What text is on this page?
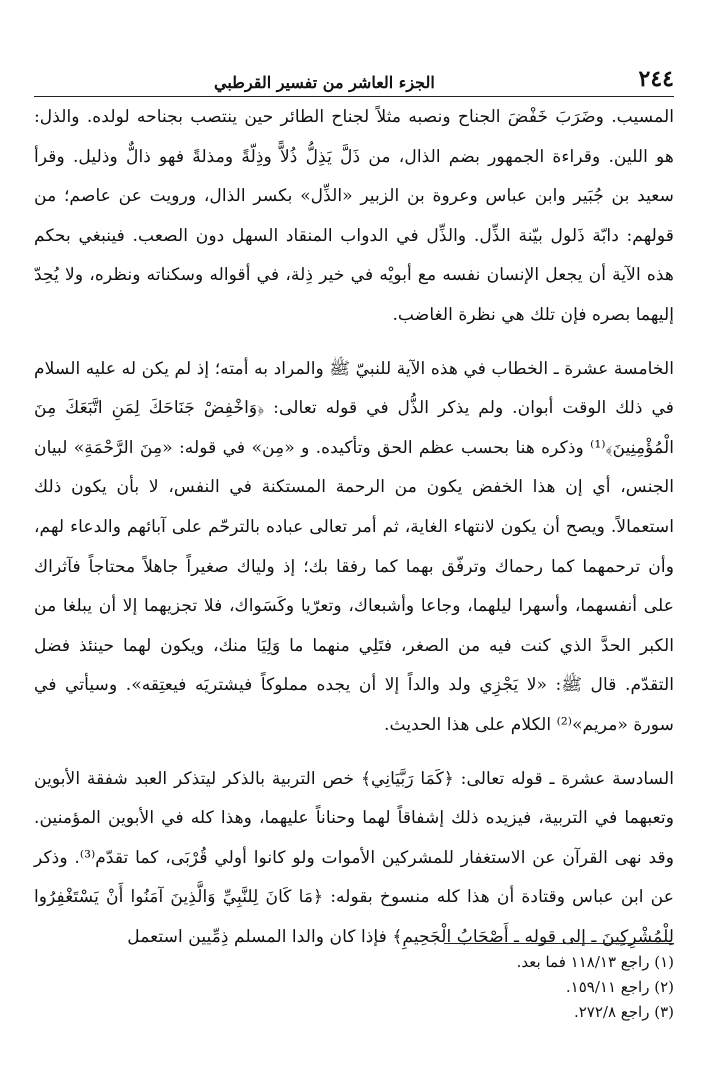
٢٤٤
الجزء العاشر من تفسير القرطبي

المسيب. وضَرَبَ خَفْضَ الجناح ونصبه مثلاً لجناح الطائر حين ينتصب بجناحه لولده. والذل: هو اللين. وقراءة الجمهور بضم الذال، من ذَلَّ يَذِلُّ ذُلاًّ وذِلّةً ومذلةً فهو ذالٌّ وذليل. وقرأ سعيد بن جُبَير وابن عباس وعروة بن الزبير «الذِّل» بكسر الذال، ورويت عن عاصم؛ من قولهم: دابّة ذَلول بيّنة الذِّل. والذِّل في الدواب المنقاد السهل دون الصعب. فينبغي بحكم هذه الآية أن يجعل الإنسان نفسه مع أبويْه في خير ذِلة، في أقواله وسكناته ونظره، ولا يُحِدّ إليهما بصره فإن تلك هي نظرة الغاضب.

الخامسة عشرة ـ الخطاب في هذه الآية للنبيّ ﷺ والمراد به أمته؛ إذ لم يكن له عليه السلام في ذلك الوقت أبوان. ولم يذكر الذُّل في قوله تعالى: ﴿وَاخْفِضْ جَنَاحَكَ لِمَنِ اتَّبَعَكَ مِنَ الْمُؤْمِنِينَ﴾⁽¹⁾ وذكره هنا بحسب عظم الحق وتأكيده. و «مِن» في قوله: «مِنَ الرَّحْمَةِ» لبيان الجنس، أي إن هذا الخفض يكون من الرحمة المستكنة في النفس، لا بأن يكون ذلك استعمالاً. ويصح أن يكون لانتهاء الغاية، ثم أمر تعالى عباده بالترحّم على آبائهم والدعاء لهم، وأن ترحمهما كما رحماك وترفّق بهما كما رفقا بك؛ إذ ولياك صغيراً جاهلاً محتاجاً فآثراك على أنفسهما، وأسهرا ليلهما، وجاعا وأشبعاك، وتعرّيا وكَسَواك، فلا تجزيهما إلا أن يبلغا من الكبر الحدَّ الذي كنت فيه من الصغر، فتَلِي منهما ما وَلِيَا منك، ويكون لهما حينئذ فضل التقدّم. قال ﷺ: «لا يَجْزِي ولد والداً إلا أن يجده مملوكاً فيشتريَه فيعتِقه». وسيأتي في سورة «مريم»⁽²⁾ الكلام على هذا الحديث.

السادسة عشرة ـ قوله تعالى: ﴿كَمَا رَبَّيَانِي﴾ خص التربية بالذكر ليتذكر العبد شفقة الأبوين وتعبهما في التربية، فيزيده ذلك إشفاقاً لهما وحناناً عليهما، وهذا كله في الأبوين المؤمنين. وقد نهى القرآن عن الاستغفار للمشركين الأموات ولو كانوا أولي قُرْبَى، كما تقدّم⁽³⁾. وذكر عن ابن عباس وقتادة أن هذا كله منسوخ بقوله: ﴿مَا كَانَ لِلنَّبِيِّ وَالَّذِينَ آمَنُوا أَنْ يَسْتَغْفِرُوا لِلْمُشْرِكِينَ ـ إلى قوله ـ أَصْحَابُ الْجَحِيمِ﴾ فإذا كان والدا المسلم ذِمِّيين استعمل

(١) راجع ١١٨/١٣ فما بعد.
(٢) راجع ١٥٩/١١.
(٣) راجع ٢٧٢/٨.
